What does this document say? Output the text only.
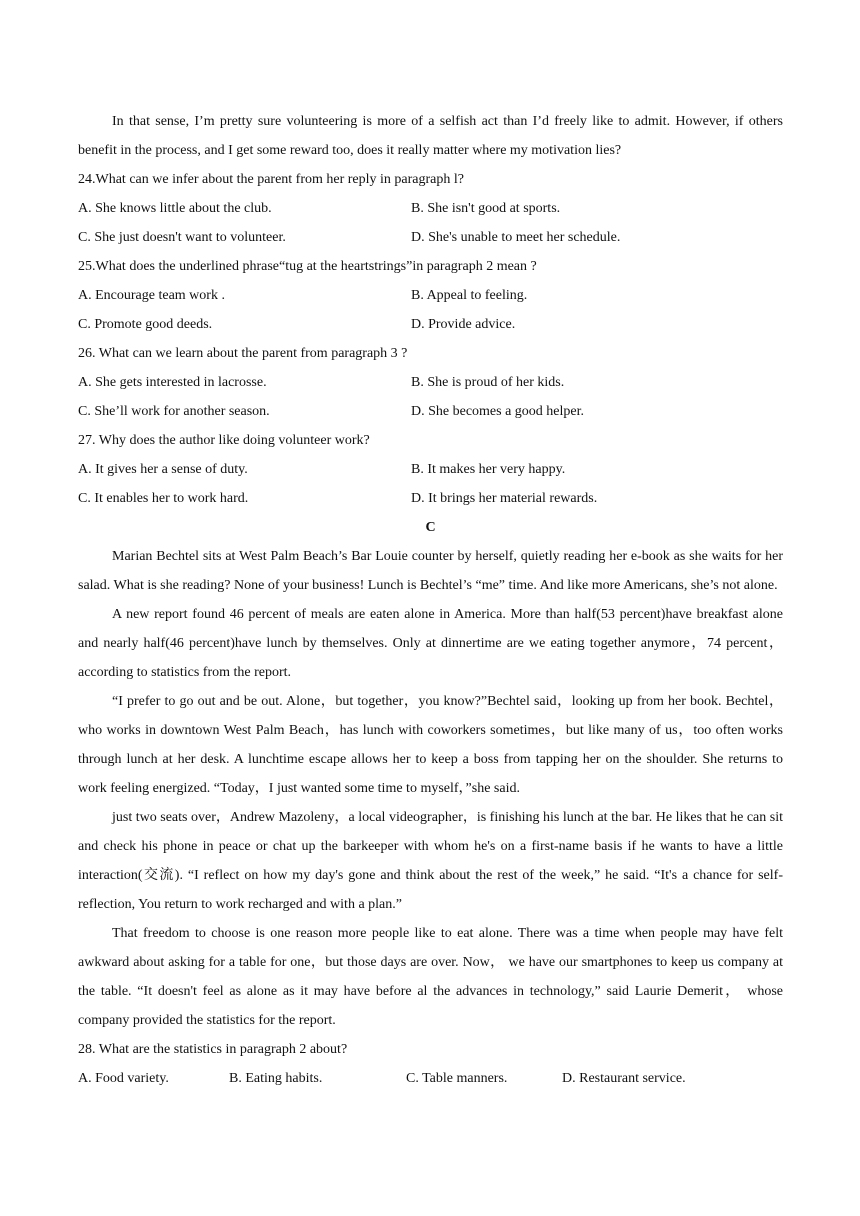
In that sense, I’m pretty sure volunteering is more of a selfish act than I’d freely like to admit. However, if others benefit in the process, and I get some reward too, does it really matter where my motivation lies?
24.What can we infer about the parent from her reply in paragraph l?
A. She knows little about the club.	B. She isn't good at sports.
C. She just doesn't want to volunteer.	D. She's unable to meet her schedule.
25.What does the underlined phrase“tug at the heartstrings”in paragraph 2 mean ?
A. Encourage team work .	B. Appeal to feeling.
C. Promote good deeds.	D. Provide advice.
26. What can we learn about the parent from paragraph 3 ?
A. She gets interested in lacrosse.	B. She is proud of her kids.
C. She’ll work for another season.	D. She becomes a good helper.
27. Why does the author like doing volunteer work?
A. It gives her a sense of duty.	B. It makes her very happy.
C. It enables her to work hard.	D. It brings her material rewards.
C
Marian Bechtel sits at West Palm Beach’s Bar Louie counter by herself, quietly reading her e-book as she waits for her salad. What is she reading? None of your business! Lunch is Bechtel’s “me” time. And like more Americans, she’s not alone.
A new report found 46 percent of meals are eaten alone in America. More than half(53 percent)have breakfast alone and nearly half(46 percent)have lunch by themselves. Only at dinnertime are we eating together anymore，74 percent，according to statistics from the report.
“I prefer to go out and be out. Alone，but together，you know?”Bechtel said，looking up from her book. Bechtel，who works in downtown West Palm Beach，has lunch with coworkers sometimes，but like many of us，too often works through lunch at her desk. A lunchtime escape allows her to keep a boss from tapping her on the shoulder. She returns to work feeling energized. “Today，I just wanted some time to myself，”she said.
just two seats over，Andrew Mazoleny，a local videographer，is finishing his lunch at the bar. He likes that he can sit and check his phone in peace or chat up the barkeeper with whom he's on a first-name basis if he wants to have a little interaction(交流). “I reflect on how my day's gone and think about the rest of the week,” he said. “It's a chance for self-reflection, You return to work recharged and with a plan.”
That freedom to choose is one reason more people like to eat alone. There was a time when people may have felt awkward about asking for a table for one，but those days are over. Now， we have our smartphones to keep us company at the table. “It doesn't feel as alone as it may have before al the advances in technology,” said Laurie Demerit， whose company provided the statistics for the report.
28. What are the statistics in paragraph 2 about?
A. Food variety.	B. Eating habits.	C. Table manners.	D. Restaurant service.
